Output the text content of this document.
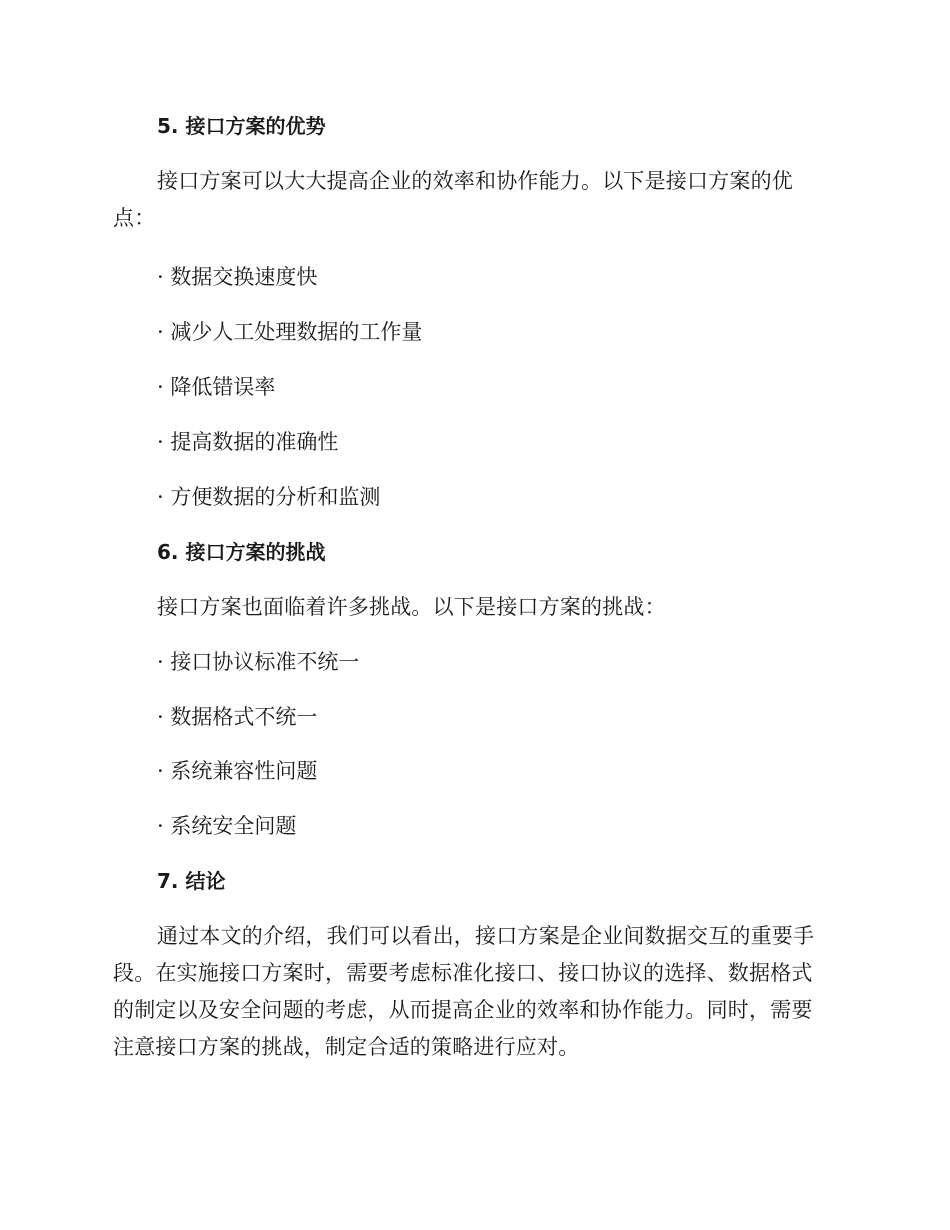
5. 接口方案的优势

接口方案可以大大提高企业的效率和协作能力。以下是接口方案的优点：

· 数据交换速度快

· 减少人工处理数据的工作量

· 降低错误率

· 提高数据的准确性

· 方便数据的分析和监测

6. 接口方案的挑战

接口方案也面临着许多挑战。以下是接口方案的挑战：

· 接口协议标准不统一

· 数据格式不统一

· 系统兼容性问题

· 系统安全问题

7. 结论

通过本文的介绍，我们可以看出，接口方案是企业间数据交互的重要手段。在实施接口方案时，需要考虑标准化接口、接口协议的选择、数据格式的制定以及安全问题的考虑，从而提高企业的效率和协作能力。同时，需要注意接口方案的挑战，制定合适的策略进行应对。
